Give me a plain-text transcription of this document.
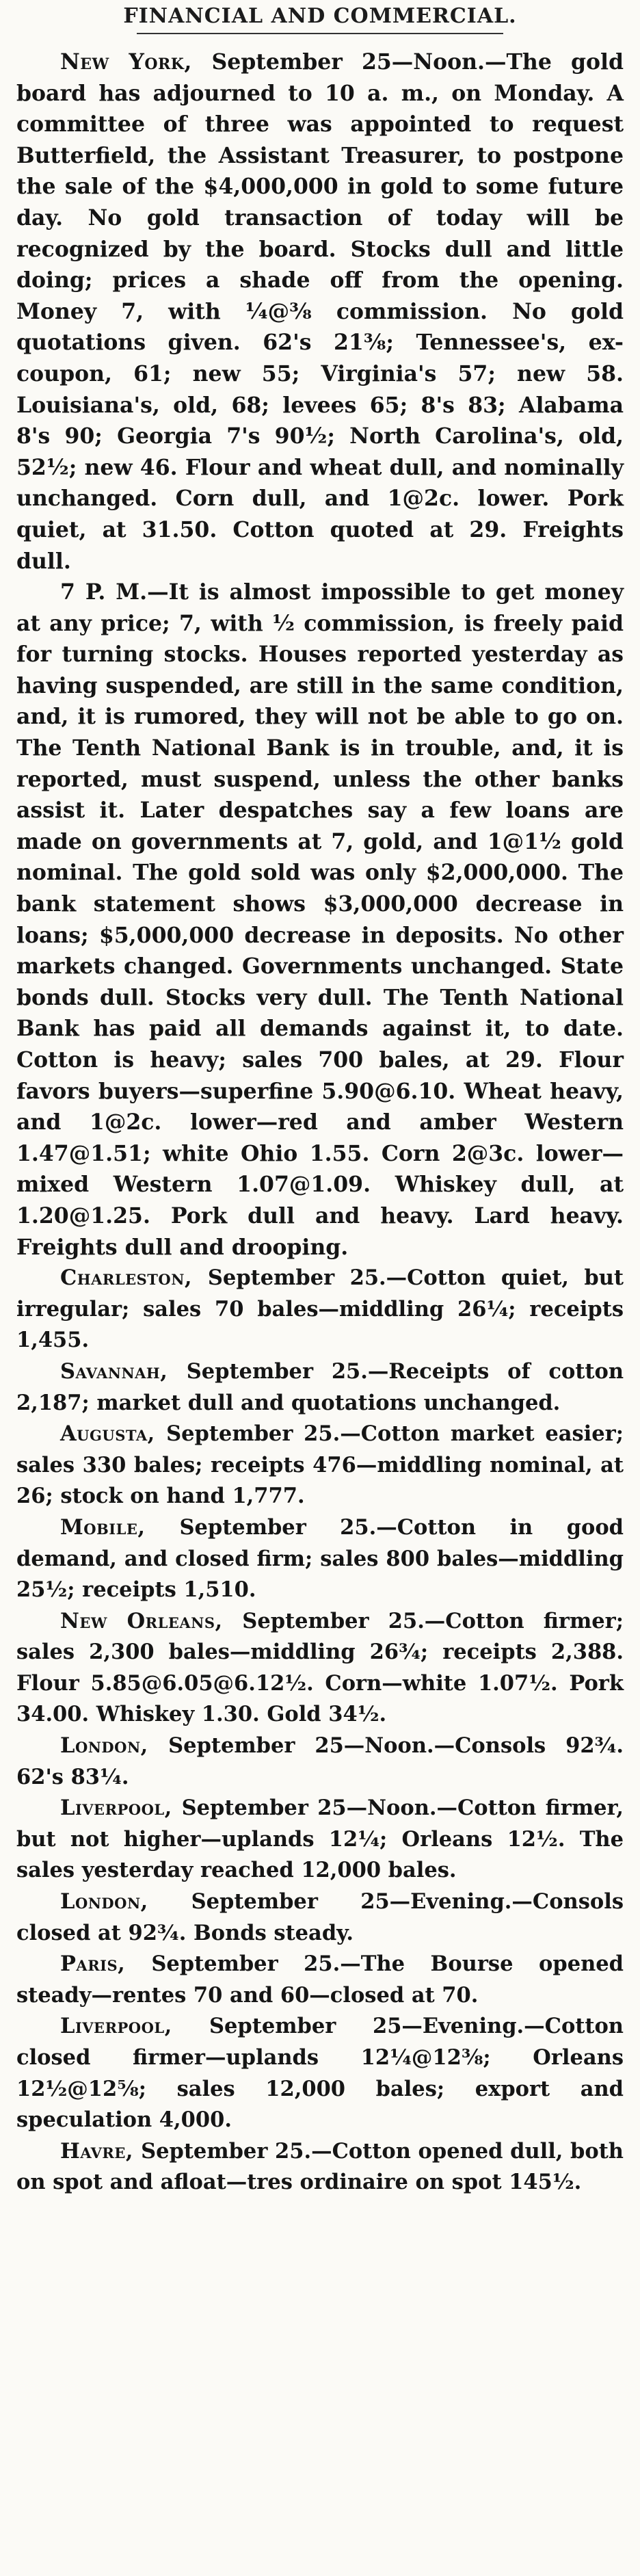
FINANCIAL AND COMMERCIAL.

New York, September 25—Noon.—The gold board has adjourned to 10 a. m., on Monday. A committee of three was appointed to request Butterfield, the Assistant Treasurer, to postpone the sale of the $4,000,000 in gold to some future day. No gold transaction of today will be recognized by the board. Stocks dull and little doing; prices a shade off from the opening. Money 7, with ¼@⅜ commission. No gold quotations given. 62's 21⅜; Tennessee's, ex-coupon, 61; new 55; Virginia's 57; new 58. Louisiana's, old, 68; levees 65; 8's 83; Alabama 8's 90; Georgia 7's 90½; North Carolina's, old, 52½; new 46. Flour and wheat dull, and nominally unchanged. Corn dull, and 1@2c. lower. Pork quiet, at 31.50. Cotton quoted at 29. Freights dull.

7 P. M.—It is almost impossible to get money at any price; 7, with ½ commission, is freely paid for turning stocks. Houses reported yesterday as having suspended, are still in the same condition, and, it is rumored, they will not be able to go on. The Tenth National Bank is in trouble, and, it is reported, must suspend, unless the other banks assist it. Later despatches say a few loans are made on governments at 7, gold, and 1@1½ gold nominal. The gold sold was only $2,000,000. The bank statement shows $3,000,000 decrease in loans; $5,000,000 decrease in deposits. No other markets changed. Governments unchanged. State bonds dull. Stocks very dull. The Tenth National Bank has paid all demands against it, to date. Cotton is heavy; sales 700 bales, at 29. Flour favors buyers—superfine 5.90@6.10. Wheat heavy, and 1@2c. lower—red and amber Western 1.47@1.51; white Ohio 1.55. Corn 2@3c. lower—mixed Western 1.07@1.09. Whiskey dull, at 1.20@1.25. Pork dull and heavy. Lard heavy. Freights dull and drooping.

Charleston, September 25.—Cotton quiet, but irregular; sales 70 bales—middling 26¼; receipts 1,455.

Savannah, September 25.—Receipts of cotton 2,187; market dull and quotations unchanged.

Augusta, September 25.—Cotton market easier; sales 330 bales; receipts 476—middling nominal, at 26; stock on hand 1,777.

Mobile, September 25.—Cotton in good demand, and closed firm; sales 800 bales—middling 25½; receipts 1,510.

New Orleans, September 25.—Cotton firmer; sales 2,300 bales—middling 26¾; receipts 2,388. Flour 5.85@6.05@6.12½. Corn—white 1.07½. Pork 34.00. Whiskey 1.30. Gold 34½.

London, September 25—Noon.—Consols 92¾. 62's 83¼.

Liverpool, September 25—Noon.—Cotton firmer, but not higher—uplands 12¼; Orleans 12½. The sales yesterday reached 12,000 bales.

London, September 25—Evening.—Consols closed at 92¾. Bonds steady.

Paris, September 25.—The Bourse opened steady—rentes 70 and 60—closed at 70.

Liverpool, September 25—Evening.—Cotton closed firmer—uplands 12¼@12⅜; Orleans 12½@12⅝; sales 12,000 bales; export and speculation 4,000.

Havre, September 25.—Cotton opened dull, both on spot and afloat—tres ordinaire on spot 145½.
